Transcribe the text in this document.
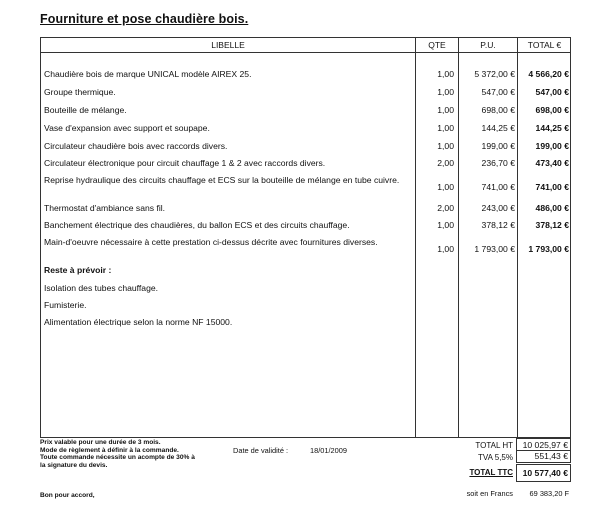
Fourniture et pose chaudière bois.
LIBELLE	QTE	P.U.	TOTAL €
Chaudière bois de marque UNICAL modèle AIREX 25.	1,00	5 372,00 €	4 566,20 €
Groupe thermique.	1,00	547,00 €	547,00 €
Bouteille de mélange.	1,00	698,00 €	698,00 €
Vase d'expansion avec support et soupape.	1,00	144,25 €	144,25 €
Circulateur chaudière bois avec raccords divers.	1,00	199,00 €	199,00 €
Circulateur électronique pour circuit chauffage 1 & 2 avec raccords divers.	2,00	236,70 €	473,40 €
Reprise hydraulique des circuits chauffage et ECS sur la bouteille de mélange en tube cuivre.
1,00	741,00 €	741,00 €
Thermostat d'ambiance sans fil.	2,00	243,00 €	486,00 €
Banchement électrique des chaudières, du ballon ECS et des circuits chauffage.	1,00	378,12 €	378,12 €
Main-d'oeuvre nécessaire à cette prestation ci-dessus décrite avec fournitures diverses.
1,00	1 793,00 €	1 793,00 €
Reste à prévoir :
Isolation des tubes chauffage.
Fumisterie.
Alimentation électrique selon la norme NF 15000.
Prix valable pour une durée de 3 mois.
Mode de règlement à définir à la commande.
Toute commande nécessite un acompte de 30% à
la signature du devis.
Date de validité :	18/01/2009
TOTAL HT	10 025,97 €
TVA 5,5%	551,43 €
TOTAL TTC	10 577,40 €
soit en Francs	69 383,20 F
Bon pour accord,
